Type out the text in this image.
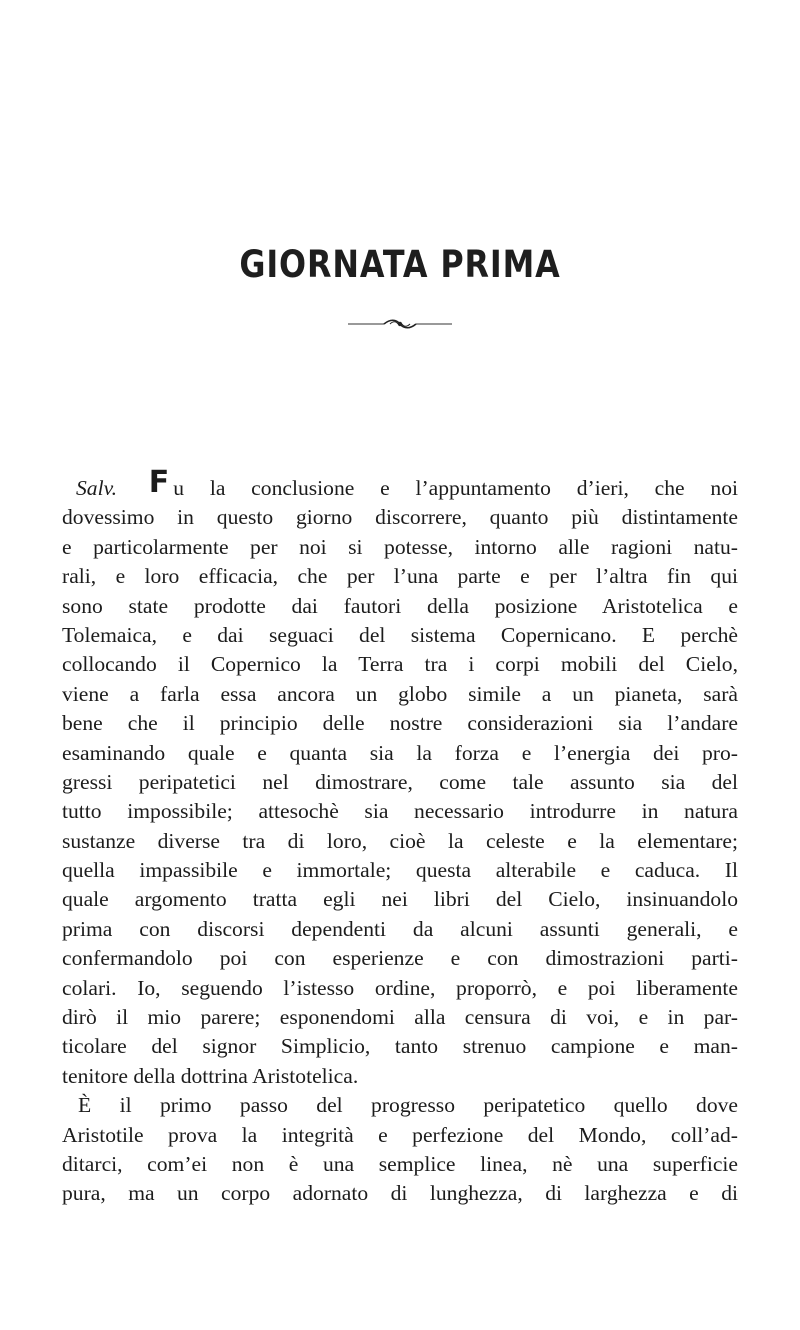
GIORNATA PRIMA
Salv. F u la conclusione e l’appuntamento d’ieri, che noi
dovessimo in questo giorno discorrere, quanto più distintamente
e particolarmente per noi si potesse, intorno alle ragioni natu-
rali, e loro efficacia, che per l’una parte e per l’altra fin qui
sono state prodotte dai fautori della posizione Aristotelica e
Tolemaica, e dai seguaci del sistema Copernicano. E perchè
collocando il Copernico la Terra tra i corpi mobili del Cielo,
viene a farla essa ancora un globo simile a un pianeta, sarà
bene che il principio delle nostre considerazioni sia l’andare
esaminando quale e quanta sia la forza e l’energia dei pro-
gressi peripatetici nel dimostrare, come tale assunto sia del
tutto impossibile; attesochè sia necessario introdurre in natura
sustanze diverse tra di loro, cioè la celeste e la elementare;
quella impassibile e immortale; questa alterabile e caduca. Il
quale argomento tratta egli nei libri del Cielo, insinuandolo
prima con discorsi dependenti da alcuni assunti generali, e
confermandolo poi con esperienze e con dimostrazioni parti-
colari. Io, seguendo l’istesso ordine, proporrò, e poi liberamente
dirò il mio parere; esponendomi alla censura di voi, e in par-
ticolare del signor Simplicio, tanto strenuo campione e man-
tenitore della dottrina Aristotelica.
È il primo passo del progresso peripatetico quello dove
Aristotile prova la integrità e perfezione del Mondo, coll’ad-
ditarci, com’ei non è una semplice linea, nè una superficie
pura, ma un corpo adornato di lunghezza, di larghezza e di
